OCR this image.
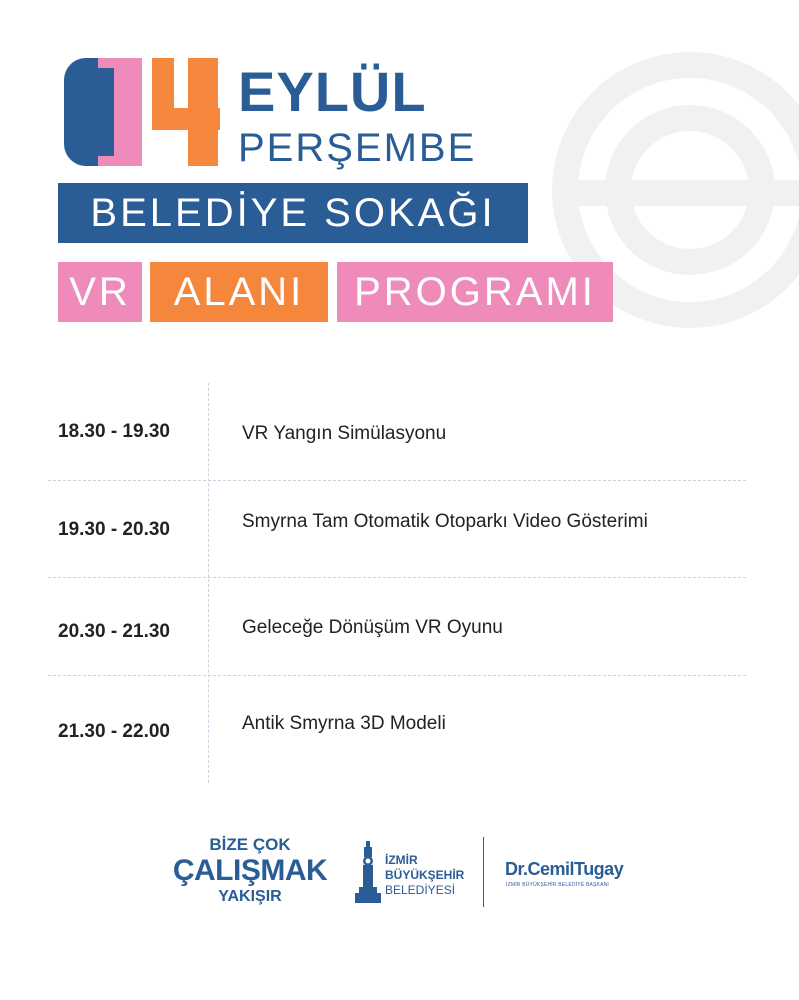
04
EYLÜL
PERŞEMBE
BELEDİYE SOKAĞI
VR	ALANI	PROGRAMI
18.30 - 19.30	VR Yangın Simülasyonu
19.30 - 20.30	Smyrna Tam Otomatik Otoparkı Video Gösterimi
20.30 - 21.30	Geleceğe Dönüşüm VR Oyunu
21.30 - 22.00	Antik Smyrna 3D Modeli
BİZE ÇOK
ÇALIŞMAK
YAKIŞIR
İZMİR
BÜYÜKŞEHİR
BELEDİYESİ
Dr.CemilTugay
İZMİR BÜYÜKŞEHİR BELEDİYE BAŞKANI
